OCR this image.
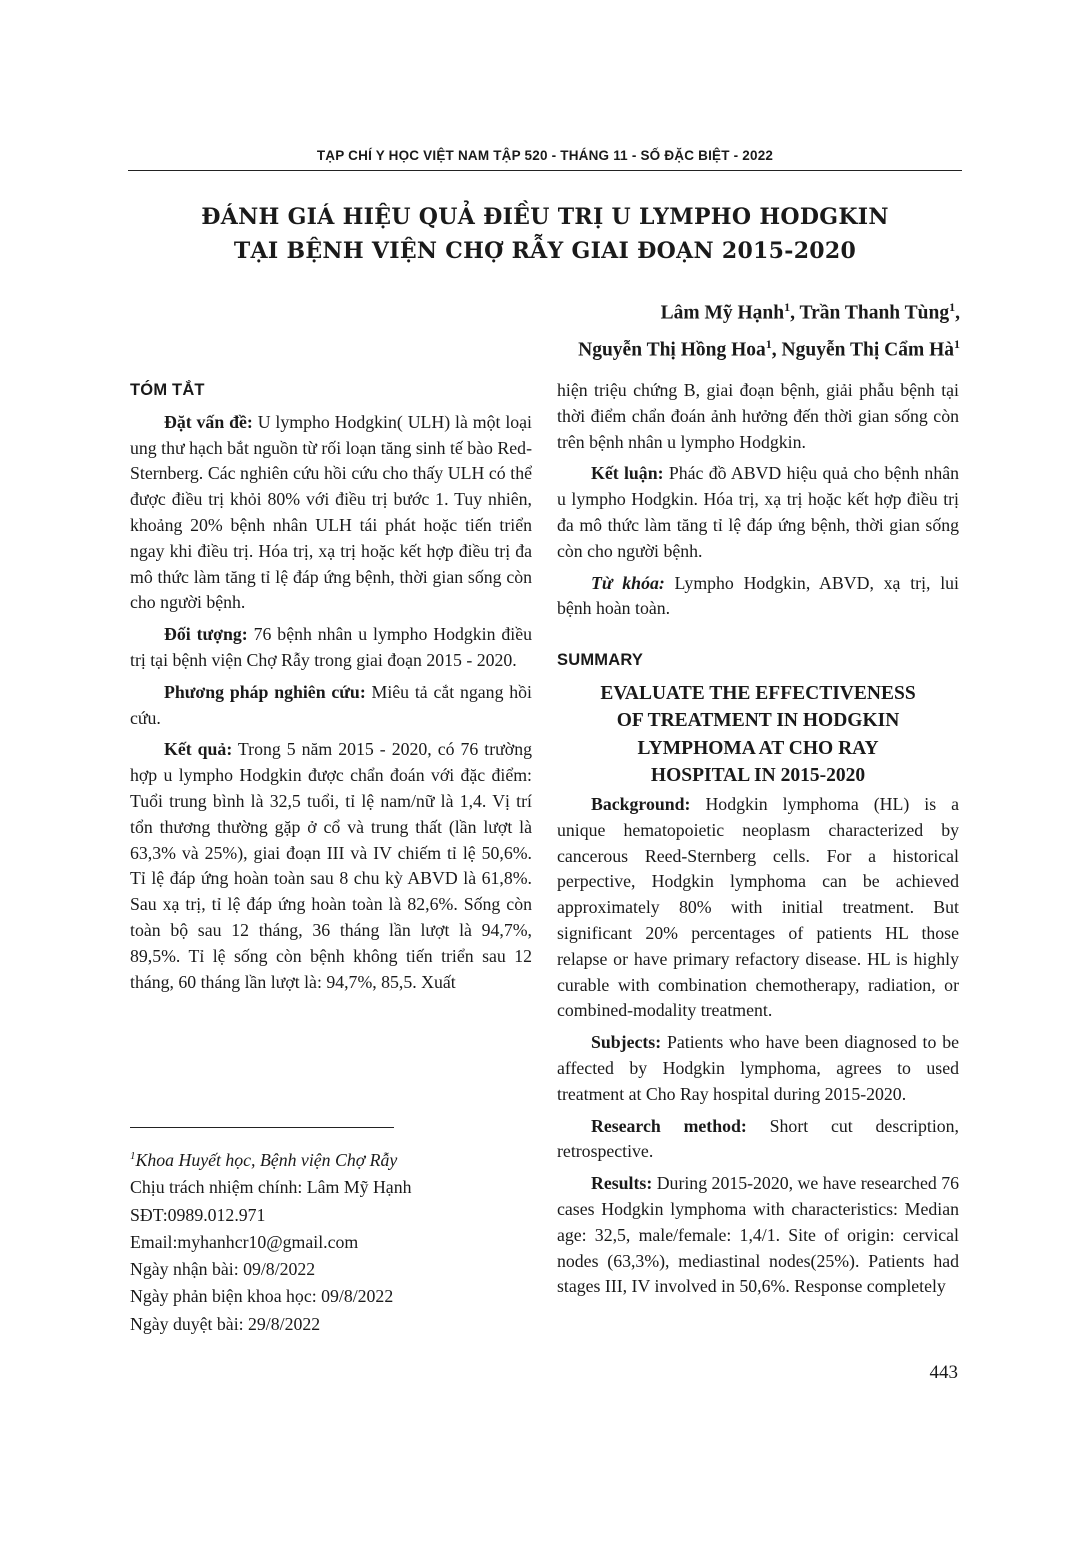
TẠP CHÍ Y HỌC VIỆT NAM TẬP 520 - THÁNG 11 - SỐ ĐẶC BIỆT - 2022
ĐÁNH GIÁ HIỆU QUẢ ĐIỀU TRỊ U LYMPHO HODGKIN
TẠI BỆNH VIỆN CHỢ RẪY GIAI ĐOẠN 2015-2020
Lâm Mỹ Hạnh$^1$, Trần Thanh Tùng$^1$,
Nguyễn Thị Hồng Hoa$^1$, Nguyễn Thị Cẩm $Hà^1$
TÓM TẮT

Đặt vấn đề: U lympho Hodgkin( ULH) là một loại ung thư hạch bắt nguồn từ rối loạn tăng sinh tế bào Red-Sternberg. Các nghiên cứu hồi cứu cho thấy ULH có thể được điều trị khỏi 80% với điều trị bước 1. Tuy nhiên, khoảng 20% bệnh nhân ULH tái phát hoặc tiến triển ngay khi điều trị. Hóa trị, xạ trị hoặc kết hợp điều trị đa mô thức làm tăng tỉ lệ đáp ứng bệnh, thời gian sống còn cho người bệnh.

Đối tượng: 76 bệnh nhân u lympho Hodgkin điều trị tại bệnh viện Chợ Rẫy trong giai đoạn 2015 - 2020.

Phương pháp nghiên cứu: Miêu tả cắt ngang hồi cứu.

Kết quả: Trong 5 năm 2015 - 2020, có 76 trường hợp u lympho Hodgkin được chẩn đoán với đặc điểm: Tuổi trung bình là 32,5 tuổi, tỉ lệ nam/nữ là 1,4. Vị trí tổn thương thường gặp ở cổ và trung thất (lần lượt là 63,3% và 25%), giai đoạn III và IV chiếm tỉ lệ 50,6%. Tỉ lệ đáp ứng hoàn toàn sau 8 chu kỳ ABVD là 61,8%. Sau xạ trị, tỉ lệ đáp ứng hoàn toàn là 82,6%. Sống còn toàn bộ sau 12 tháng, 36 tháng lần lượt là 94,7%, 89,5%. Tỉ lệ sống còn bệnh không tiến triển sau 12 tháng, 60 tháng lần lượt là: 94,7%, 85,5. Xuất

$^1$Khoa Huyết học, Bệnh viện Chợ Rẫy
Chịu trách nhiệm chính: Lâm Mỹ Hạnh
SĐT:0989.012.971
Email:myhanhcr10@gmail.com
Ngày nhận bài: 09/8/2022
Ngày phản biện khoa học: 09/8/2022
Ngày duyệt bài: 29/8/2022

hiện triệu chứng B, giai đoạn bệnh, giải phẫu bệnh tại thời điểm chẩn đoán ảnh hưởng đến thời gian sống còn trên bệnh nhân u lympho Hodgkin.

Kết luận: Phác đồ ABVD hiệu quả cho bệnh nhân u lympho Hodgkin. Hóa trị, xạ trị hoặc kết hợp điều trị đa mô thức làm tăng tỉ lệ đáp ứng bệnh, thời gian sống còn cho người bệnh.

Từ khóa: Lympho Hodgkin, ABVD, xạ trị, lui bệnh hoàn toàn.

SUMMARY
EVALUATE THE EFFECTIVENESS
OF TREATMENT IN HODGKIN
LYMPHOMA AT CHO RAY
HOSPITAL IN 2015-2020

Background: Hodgkin lymphoma (HL) is a unique hematopoietic neoplasm characterized by cancerous Reed-Sternberg cells. For a historical perpective, Hodgkin lymphoma can be achieved approximately 80% with initial treatment. But significant 20% percentages of patients HL those relapse or have primary refactory disease. HL is highly curable with combination chemotherapy, radiation, or combined-modality treatment.

Subjects: Patients who have been diagnosed to be affected by Hodgkin lymphoma, agrees to used treatment at Cho Ray hospital during 2015-2020.

Research method: Short cut description, retrospective.

Results: During 2015-2020, we have researched 76 cases Hodgkin lymphoma with characteristics: Median age: 32,5, male/female: 1,4/1. Site of origin: cervical nodes (63,3%), mediastinal nodes(25%). Patients had stages III, IV involved in 50,6%. Response completely

443
